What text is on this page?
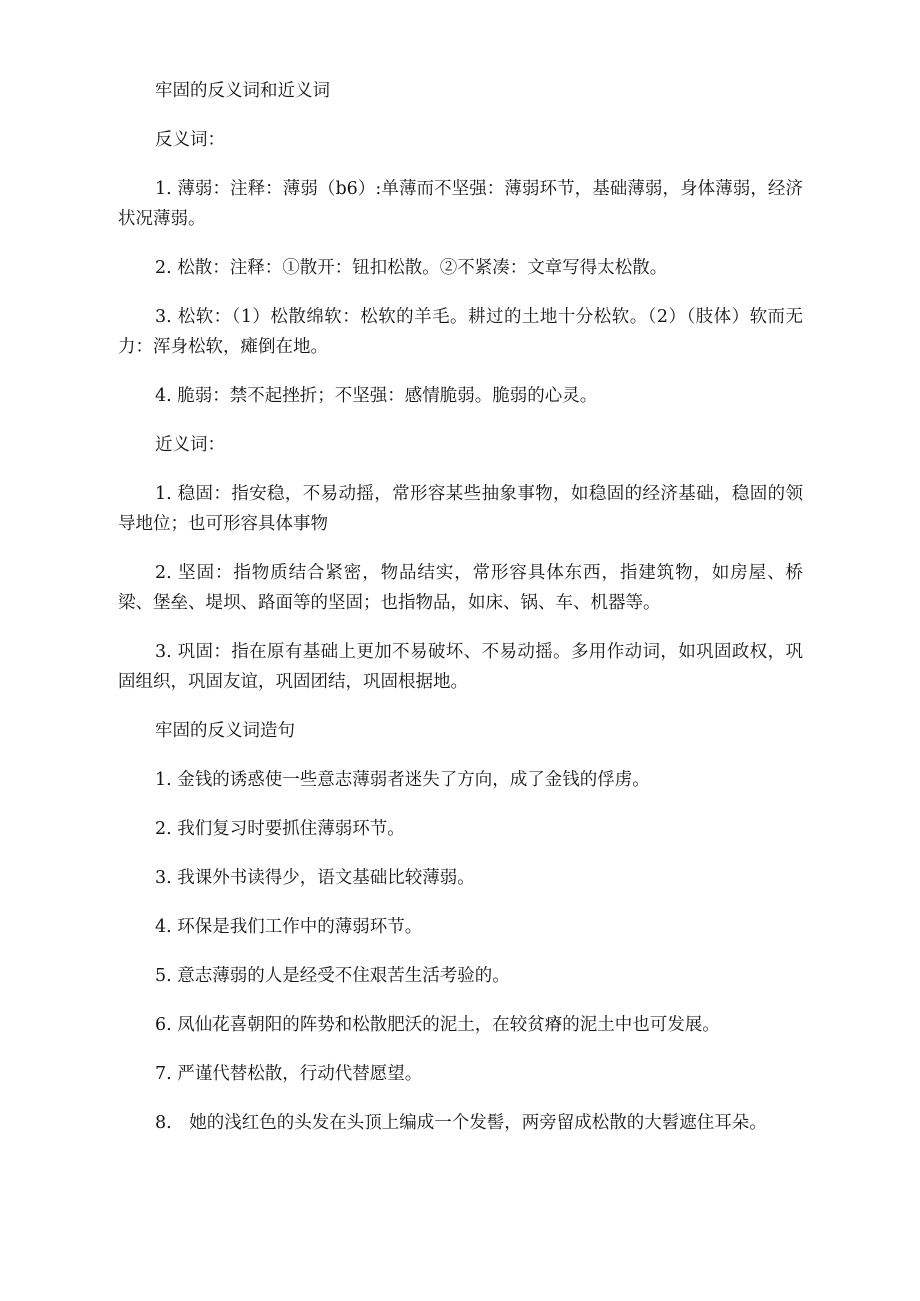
牢固的反义词和近义词

反义词：

1. 薄弱：注释：薄弱（b6）:单薄而不坚强：薄弱环节，基础薄弱，身体薄弱，经济状况薄弱。

2. 松散：注释：①散开：钮扣松散。②不紧凑：文章写得太松散。

3. 松软：（1）松散绵软：松软的羊毛。耕过的土地十分松软。（2）（肢体）软而无力：浑身松软，瘫倒在地。

4. 脆弱：禁不起挫折；不坚强：感情脆弱。脆弱的心灵。

近义词：

1. 稳固：指安稳，不易动摇，常形容某些抽象事物，如稳固的经济基础，稳固的领导地位；也可形容具体事物

2. 坚固：指物质结合紧密，物品结实，常形容具体东西，指建筑物，如房屋、桥梁、堡垒、堤坝、路面等的坚固；也指物品，如床、锅、车、机器等。

3. 巩固：指在原有基础上更加不易破坏、不易动摇。多用作动词，如巩固政权，巩固组织，巩固友谊，巩固团结，巩固根据地。

牢固的反义词造句

1. 金钱的诱惑使一些意志薄弱者迷失了方向，成了金钱的俘虏。

2. 我们复习时要抓住薄弱环节。

3. 我课外书读得少，语文基础比较薄弱。

4. 环保是我们工作中的薄弱环节。

5. 意志薄弱的人是经受不住艰苦生活考验的。

6. 凤仙花喜朝阳的阵势和松散肥沃的泥土，在较贫瘠的泥土中也可发展。

7. 严谨代替松散，行动代替愿望。

8.　她的浅红色的头发在头顶上编成一个发髻，两旁留成松散的大髫遮住耳朵。
